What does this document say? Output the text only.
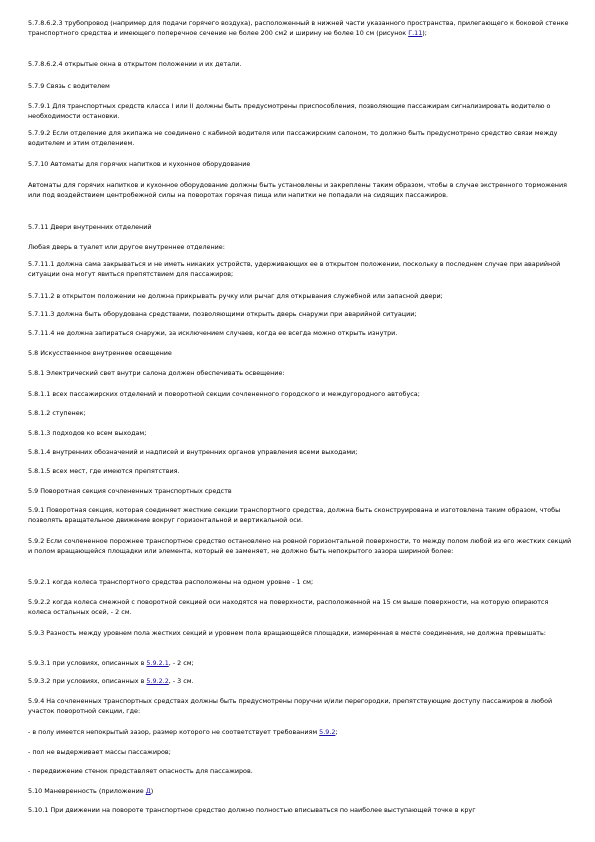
5.7.8.6.2.3 трубопровод (например для подачи горячего воздуха), расположенный в нижней части указанного пространства, прилегающего к боковой стенке транспортного средства и имеющего поперечное сечение не более 200 см2 и ширину не более 10 см (рисунок Г.11);

5.7.8.6.2.4 открытые окна в открытом положении и их детали.

5.7.9 Связь с водителем

5.7.9.1 Для транспортных средств класса I или II должны быть предусмотрены приспособления, позволяющие пассажирам сигнализировать водителю о необходимости остановки.

5.7.9.2 Если отделение для экипажа не соединено с кабиной водителя или пассажирским салоном, то должно быть предусмотрено средство связи между водителем и этим отделением.

5.7.10 Автоматы для горячих напитков и кухонное оборудование

Автоматы для горячих напитков и кухонное оборудование должны быть установлены и закреплены таким образом, чтобы в случае экстренного торможения или под воздействием центробежной силы на поворотах горячая пища или напитки не попадали на сидящих пассажиров.

5.7.11 Двери внутренних отделений

Любая дверь в туалет или другое внутреннее отделение:

5.7.11.1 должна сама закрываться и не иметь никаких устройств, удерживающих ее в открытом положении, поскольку в последнем случае при аварийной ситуации она могут явиться препятствием для пассажиров;

5.7.11.2 в открытом положении не должна прикрывать ручку или рычаг для открывания служебной или запасной двери;

5.7.11.3 должна быть оборудована средствами, позволяющими открыть дверь снаружи при аварийной ситуации;

5.7.11.4 не должна запираться снаружи, за исключением случаев, когда ее всегда можно открыть изнутри.

5.8 Искусственное внутреннее освещение

5.8.1 Электрический свет внутри салона должен обеспечивать освещение:

5.8.1.1 всех пассажирских отделений и поворотной секции сочлененного городского и междугородного автобуса;

5.8.1.2 ступенек;

5.8.1.3 подходов ко всем выходам;

5.8.1.4 внутренних обозначений и надписей и внутренних органов управления всеми выходами;

5.8.1.5 всех мест, где имеются препятствия.

5.9 Поворотная секция сочлененных транспортных средств

5.9.1 Поворотная секция, которая соединяет жесткие секции транспортного средства, должна быть сконструирована и изготовлена таким образом, чтобы позволять вращательное движение вокруг горизонтальной и вертикальной оси.

5.9.2 Если сочлененное порожнее транспортное средство остановлено на ровной горизонтальной поверхности, то между полом любой из его жестких секций и полом вращающейся площадки или элемента, который ее заменяет, не должно быть непокрытого зазора шириной более:

5.9.2.1 когда колеса транспортного средства расположены на одном уровне - 1 см;

5.9.2.2 когда колеса смежной с поворотной секцией оси находятся на поверхности, расположенной на 15 см выше поверхности, на которую опираются колеса остальных осей, - 2 см.

5.9.3 Разность между уровнем пола жестких секций и уровнем пола вращающейся площадки, измеренная в месте соединения, не должна превышать:

5.9.3.1 при условиях, описанных в 5.9.2.1, - 2 см;

5.9.3.2 при условиях, описанных в 5.9.2.2, - 3 см.

5.9.4 На сочлененных транспортных средствах должны быть предусмотрены поручни и/или перегородки, препятствующие доступу пассажиров в любой участок поворотной секции, где:

- в полу имеется непокрытый зазор, размер которого не соответствует требованиям 5.9.2;

- пол не выдерживает массы пассажиров;

- передвижение стенок представляет опасность для пассажиров.

5.10 Маневренность (приложение Д)

5.10.1 При движении на повороте транспортное средство должно полностью вписываться по наиболее выступающей точке в круг
